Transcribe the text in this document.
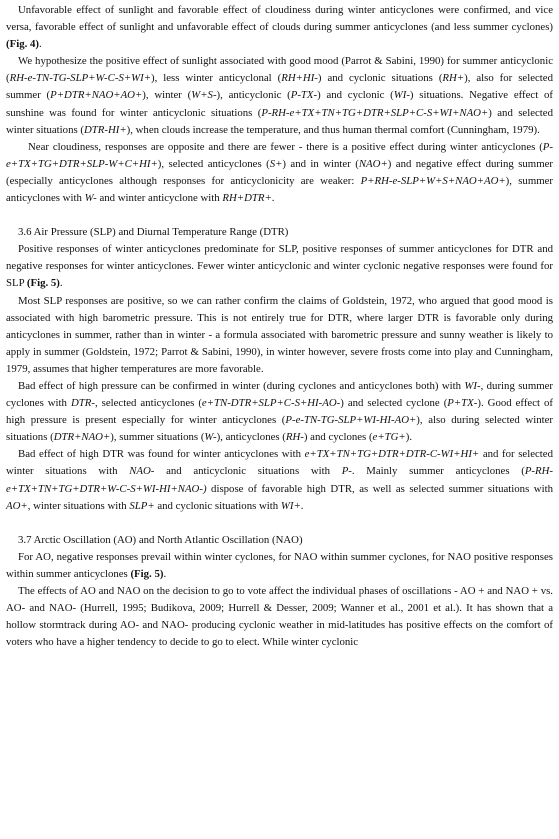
Unfavorable effect of sunlight and favorable effect of cloudiness during winter anticyclones were confirmed, and vice versa, favorable effect of sunlight and unfavorable effect of clouds during summer anticyclones (and less summer cyclones) (Fig. 4).

We hypothesize the positive effect of sunlight associated with good mood (Parrot & Sabini, 1990) for summer anticyclonic (RH-e-TN-TG-SLP+W-C-S+WI+), less winter anticyclonal (RH+HI-) and cyclonic situations (RH+), also for selected summer (P+DTR+NAO+AO+), winter (W+S-), anticyclonic (P-TX-) and cyclonic (WI-) situations. Negative effect of sunshine was found for winter anticyclonic situations (P-RH-e+TX+TN+TG+DTR+SLP+C-S+WI+NAO+) and selected winter situations (DTR-HI+), when clouds increase the temperature, and thus human thermal comfort (Cunningham, 1979).

Near cloudiness, responses are opposite and there are fewer - there is a positive effect during winter anticyclones (P-e+TX+TG+DTR+SLP-W+C+HI+), selected anticyclones (S+) and in winter (NAO+) and negative effect during summer (especially anticyclones although responses for anticyclonicity are weaker: P+RH-e-SLP+W+S+NAO+AO+), summer anticyclones with W- and winter anticyclone with RH+DTR+.

3.6 Air Pressure (SLP) and Diurnal Temperature Range (DTR)

Positive responses of winter anticyclones predominate for SLP, positive responses of summer anticyclones for DTR and negative responses for winter anticyclones. Fewer winter anticyclonic and winter cyclonic negative responses were found for SLP (Fig. 5).

Most SLP responses are positive, so we can rather confirm the claims of Goldstein, 1972, who argued that good mood is associated with high barometric pressure. This is not entirely true for DTR, where larger DTR is favorable only during anticyclones in summer, rather than in winter - a formula associated with barometric pressure and sunny weather is likely to apply in summer (Goldstein, 1972; Parrot & Sabini, 1990), in winter however, severe frosts come into play and Cunningham, 1979, assumes that higher temperatures are more favorable.

Bad effect of high pressure can be confirmed in winter (during cyclones and anticyclones both) with WI-, during summer cyclones with DTR-, selected anticyclones (e+TN-DTR+SLP+C-S+HI-AO-) and selected cyclone (P+TX-). Good effect of high pressure is present especially for winter anticyclones (P-e-TN-TG-SLP+WI-HI-AO+), also during selected winter situations (DTR+NAO+), summer situations (W-), anticyclones (RH-) and cyclones (e+TG+).

Bad effect of high DTR was found for winter anticyclones with e+TX+TN+TG+DTR+DTR-C-WI+HI+ and for selected winter situations with NAO- and anticyclonic situations with P-. Mainly summer anticyclones (P-RH-e+TX+TN+TG+DTR+W-C-S+WI-HI+NAO-) dispose of favorable high DTR, as well as selected summer situations with AO+, winter situations with SLP+ and cyclonic situations with WI+.

3.7 Arctic Oscillation (AO) and North Atlantic Oscillation (NAO)

For AO, negative responses prevail within winter cyclones, for NAO within summer cyclones, for NAO positive responses within summer anticyclones (Fig. 5).

The effects of AO and NAO on the decision to go to vote affect the individual phases of oscillations - AO + and NAO + vs. AO- and NAO- (Hurrell, 1995; Budikova, 2009; Hurrell & Desser, 2009; Wanner et al., 2001 et al.). It has shown that a hollow stormtrack during AO- and NAO- producing cyclonic weather in mid-latitudes has positive effects on the comfort of voters who have a higher tendency to decide to go to elect. While winter cyclonic
